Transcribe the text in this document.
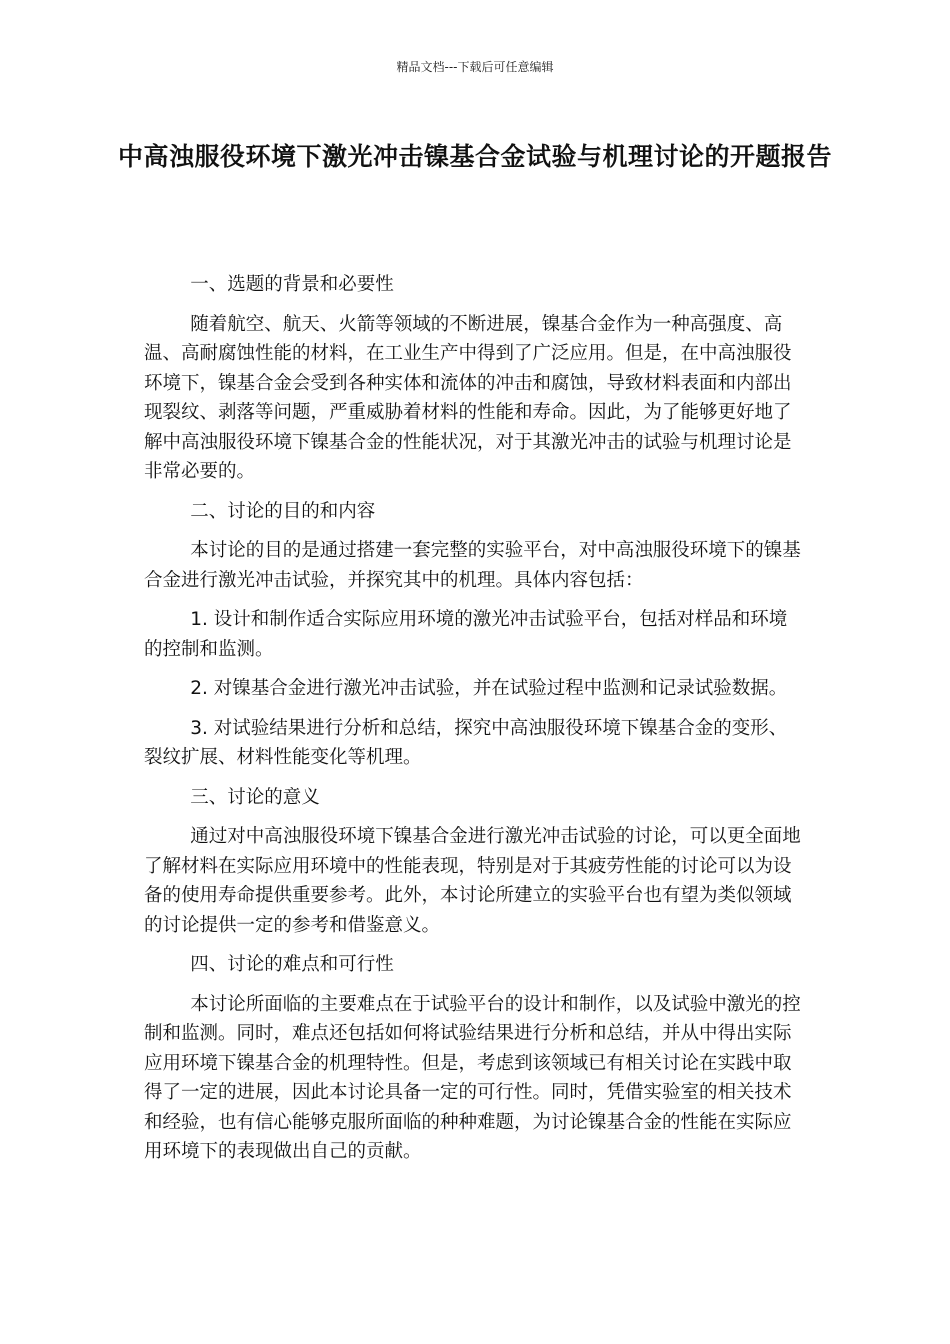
精品文档---下载后可任意编辑
中高浊服役环境下激光冲击镍基合金试验与机理讨论的开题报告

一、选题的背景和必要性

随着航空、航天、火箭等领域的不断进展，镍基合金作为一种高强度、高温、高耐腐蚀性能的材料，在工业生产中得到了广泛应用。但是，在中高浊服役环境下，镍基合金会受到各种实体和流体的冲击和腐蚀，导致材料表面和内部出现裂纹、剥落等问题，严重威胁着材料的性能和寿命。因此，为了能够更好地了解中高浊服役环境下镍基合金的性能状况，对于其激光冲击的试验与机理讨论是非常必要的。

二、讨论的目的和内容

本讨论的目的是通过搭建一套完整的实验平台，对中高浊服役环境下的镍基合金进行激光冲击试验，并探究其中的机理。具体内容包括：

1. 设计和制作适合实际应用环境的激光冲击试验平台，包括对样品和环境的控制和监测。

2. 对镍基合金进行激光冲击试验，并在试验过程中监测和记录试验数据。

3. 对试验结果进行分析和总结，探究中高浊服役环境下镍基合金的变形、裂纹扩展、材料性能变化等机理。

三、讨论的意义

通过对中高浊服役环境下镍基合金进行激光冲击试验的讨论，可以更全面地了解材料在实际应用环境中的性能表现，特别是对于其疲劳性能的讨论可以为设备的使用寿命提供重要参考。此外，本讨论所建立的实验平台也有望为类似领域的讨论提供一定的参考和借鉴意义。

四、讨论的难点和可行性

本讨论所面临的主要难点在于试验平台的设计和制作，以及试验中激光的控制和监测。同时，难点还包括如何将试验结果进行分析和总结，并从中得出实际应用环境下镍基合金的机理特性。但是，考虑到该领域已有相关讨论在实践中取得了一定的进展，因此本讨论具备一定的可行性。同时，凭借实验室的相关技术和经验，也有信心能够克服所面临的种种难题，为讨论镍基合金的性能在实际应用环境下的表现做出自己的贡献。
